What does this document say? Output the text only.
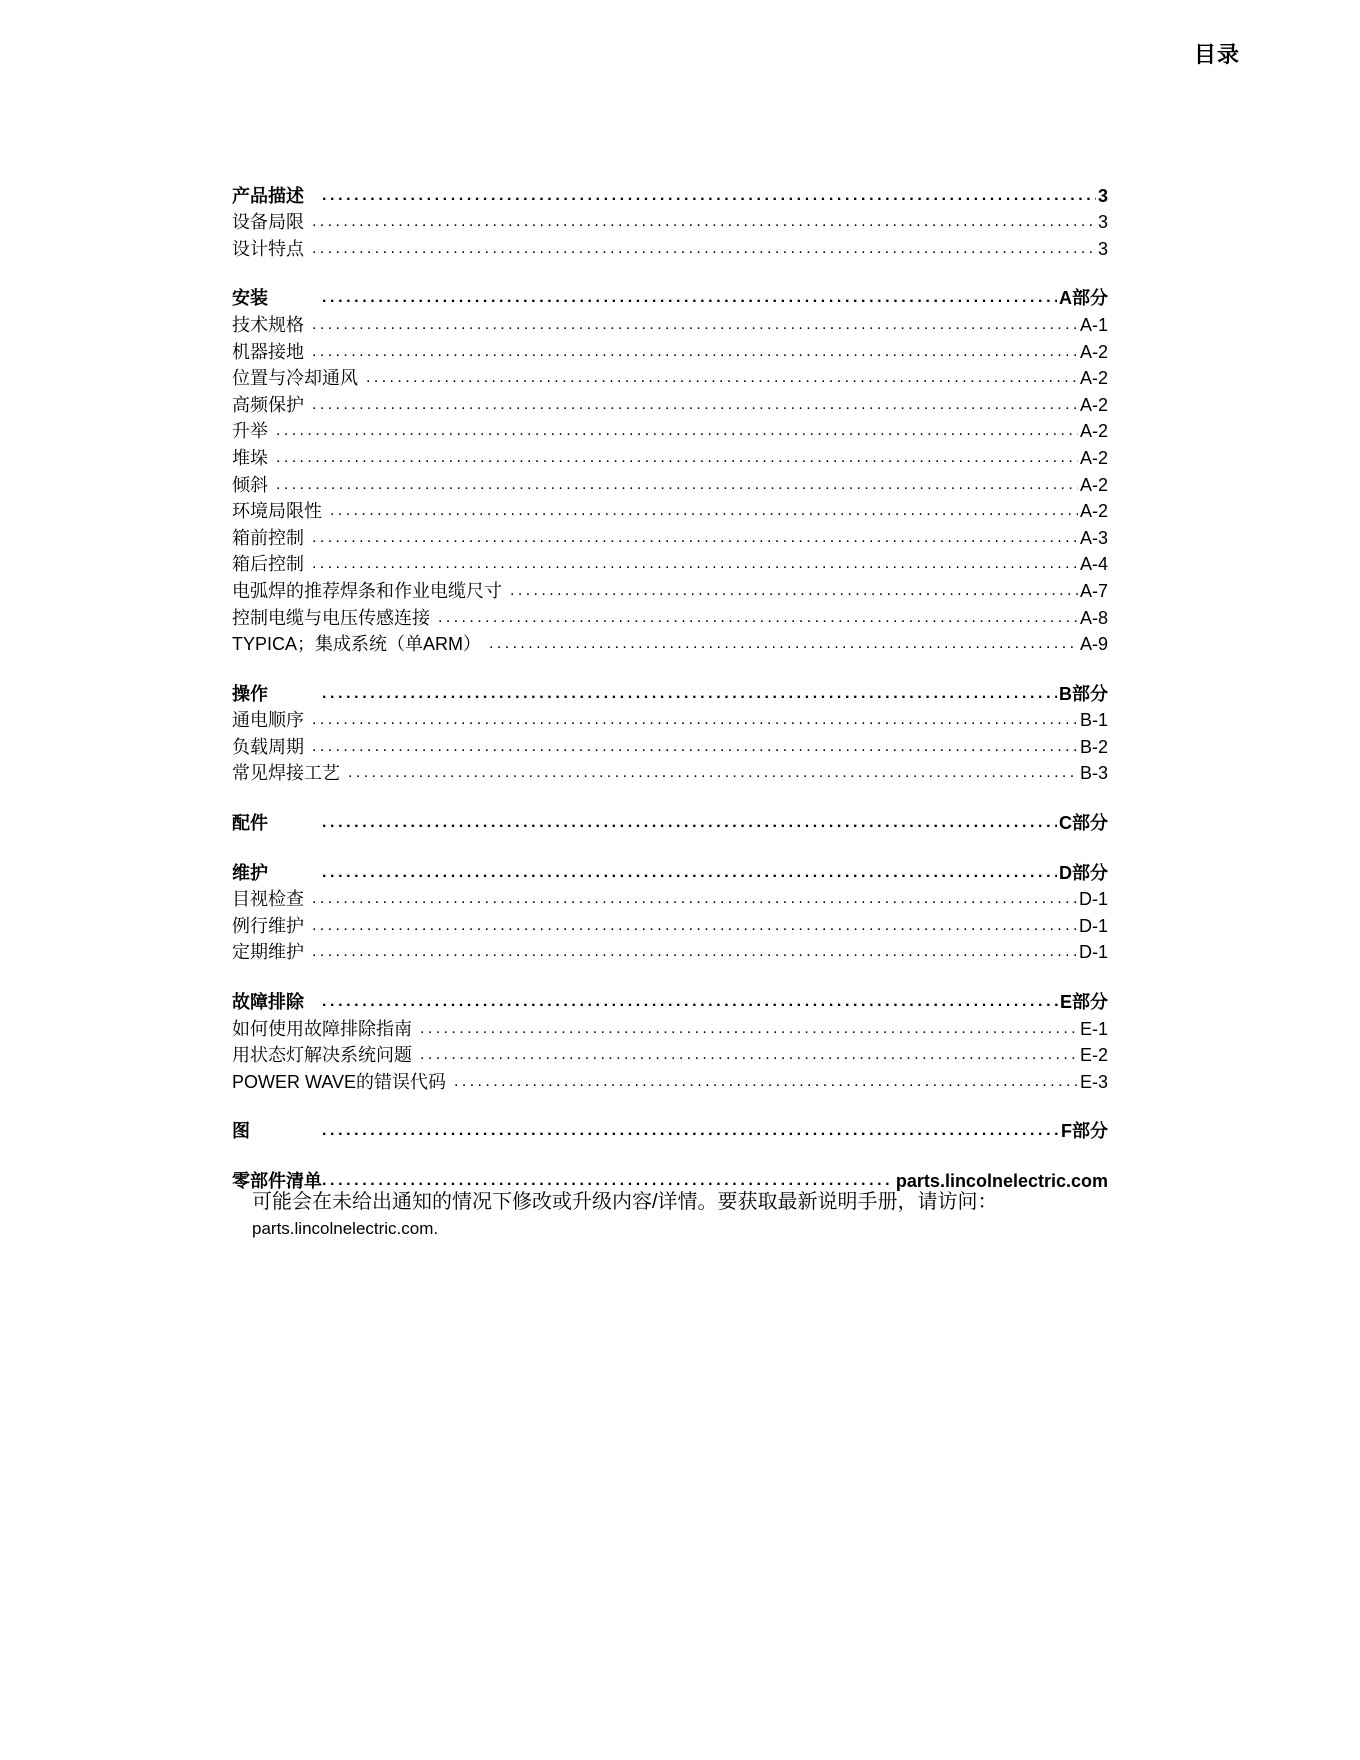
目录
产品描述 .....	3
设备局限 .....	3
设计特点 .....	3
安装 .....	A部分
技术规格 .....	A-1
机器接地 .....	A-2
位置与冷却通风 .....	A-2
高频保护 .....	A-2
升举 .....	A-2
堆垛 .....	A-2
倾斜 .....	A-2
环境局限性 .....	A-2
箱前控制 .....	A-3
箱后控制 .....	A-4
电弧焊的推荐焊条和作业电缆尺寸 .....	A-7
控制电缆与电压传感连接 .....	A-8
TYPICA；集成系统（单ARM） .....	A-9
操作 .....	B部分
通电顺序 .....	B-1
负载周期 .....	B-2
常见焊接工艺 .....	B-3
配件 .....	C部分
维护 .....	D部分
目视检查 .....	D-1
例行维护 .....	D-1
定期维护 .....	D-1
故障排除 .....	E部分
如何使用故障排除指南 .....	E-1
用状态灯解决系统问题 .....	E-2
POWER WAVE的错误代码 .....	E-3
图 .....	F部分
零部件清单 .....	parts.lincolnelectric.com
可能会在未给出通知的情况下修改或升级内容/详情。要获取最新说明手册，请访问：
parts.lincolnelectric.com.
